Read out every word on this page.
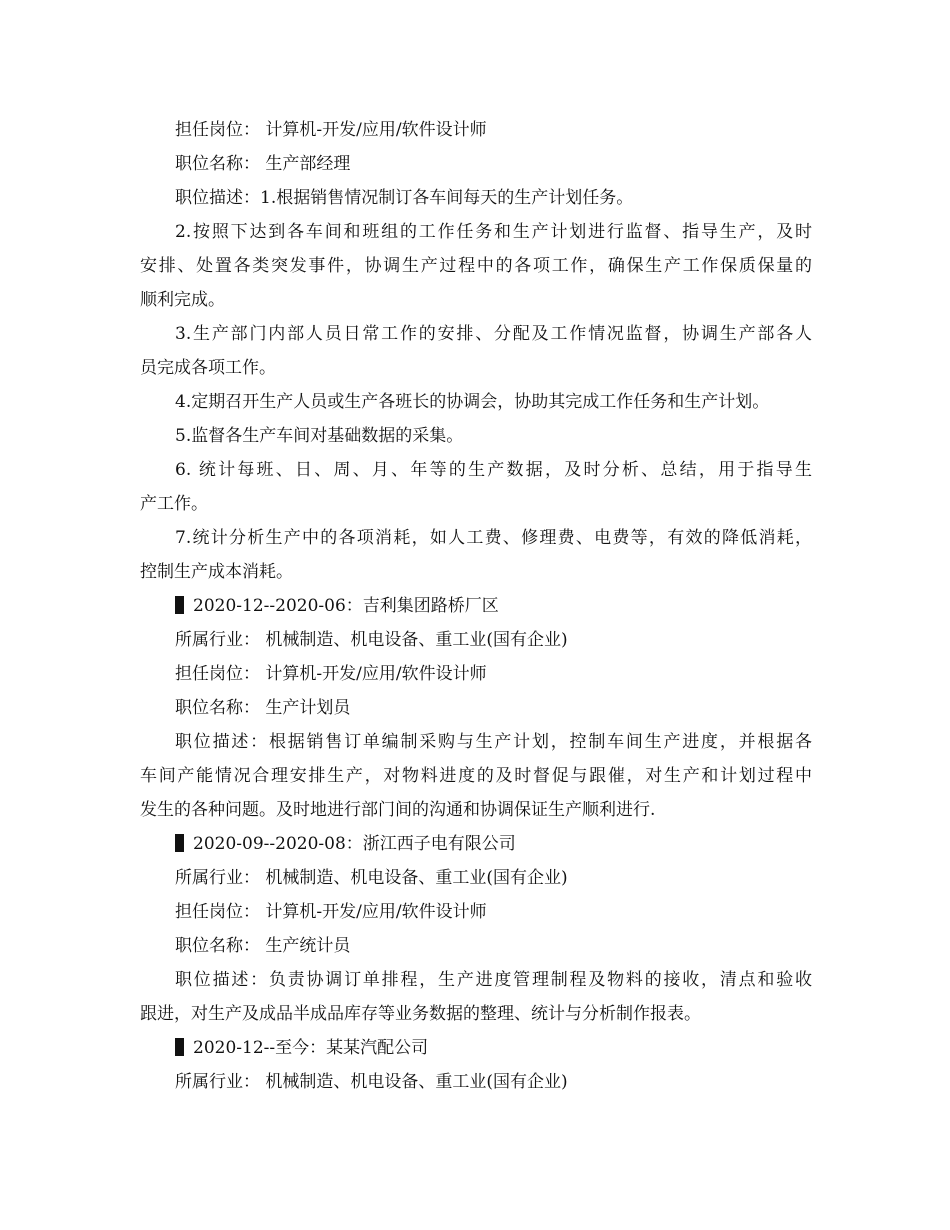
担任岗位： 计算机-开发/应用/软件设计师
职位名称： 生产部经理
职位描述：1.根据销售情况制订各车间每天的生产计划任务。
2.按照下达到各车间和班组的工作任务和生产计划进行监督、指导生产，及时
安排、处置各类突发事件，协调生产过程中的各项工作，确保生产工作保质保量的
顺利完成。
3.生产部门内部人员日常工作的安排、分配及工作情况监督，协调生产部各人
员完成各项工作。
4.定期召开生产人员或生产各班长的协调会，协助其完成工作任务和生产计划。
5.监督各生产车间对基础数据的采集。
6. 统计每班、日、周、月、年等的生产数据，及时分析、总结，用于指导生
产工作。
7.统计分析生产中的各项消耗，如人工费、修理费、电费等，有效的降低消耗，
控制生产成本消耗。
2020-12--2020-06：吉利集团路桥厂区
所属行业： 机械制造、机电设备、重工业(国有企业)
担任岗位： 计算机-开发/应用/软件设计师
职位名称： 生产计划员
职位描述：根据销售订单编制采购与生产计划，控制车间生产进度，并根据各
车间产能情况合理安排生产，对物料进度的及时督促与跟催，对生产和计划过程中
发生的各种问题。及时地进行部门间的沟通和协调保证生产顺利进行.
2020-09--2020-08：浙江西子电有限公司
所属行业： 机械制造、机电设备、重工业(国有企业)
担任岗位： 计算机-开发/应用/软件设计师
职位名称： 生产统计员
职位描述：负责协调订单排程，生产进度管理制程及物料的接收，清点和验收
跟进，对生产及成品半成品库存等业务数据的整理、统计与分析制作报表。
2020-12--至今：某某汽配公司
所属行业： 机械制造、机电设备、重工业(国有企业)
